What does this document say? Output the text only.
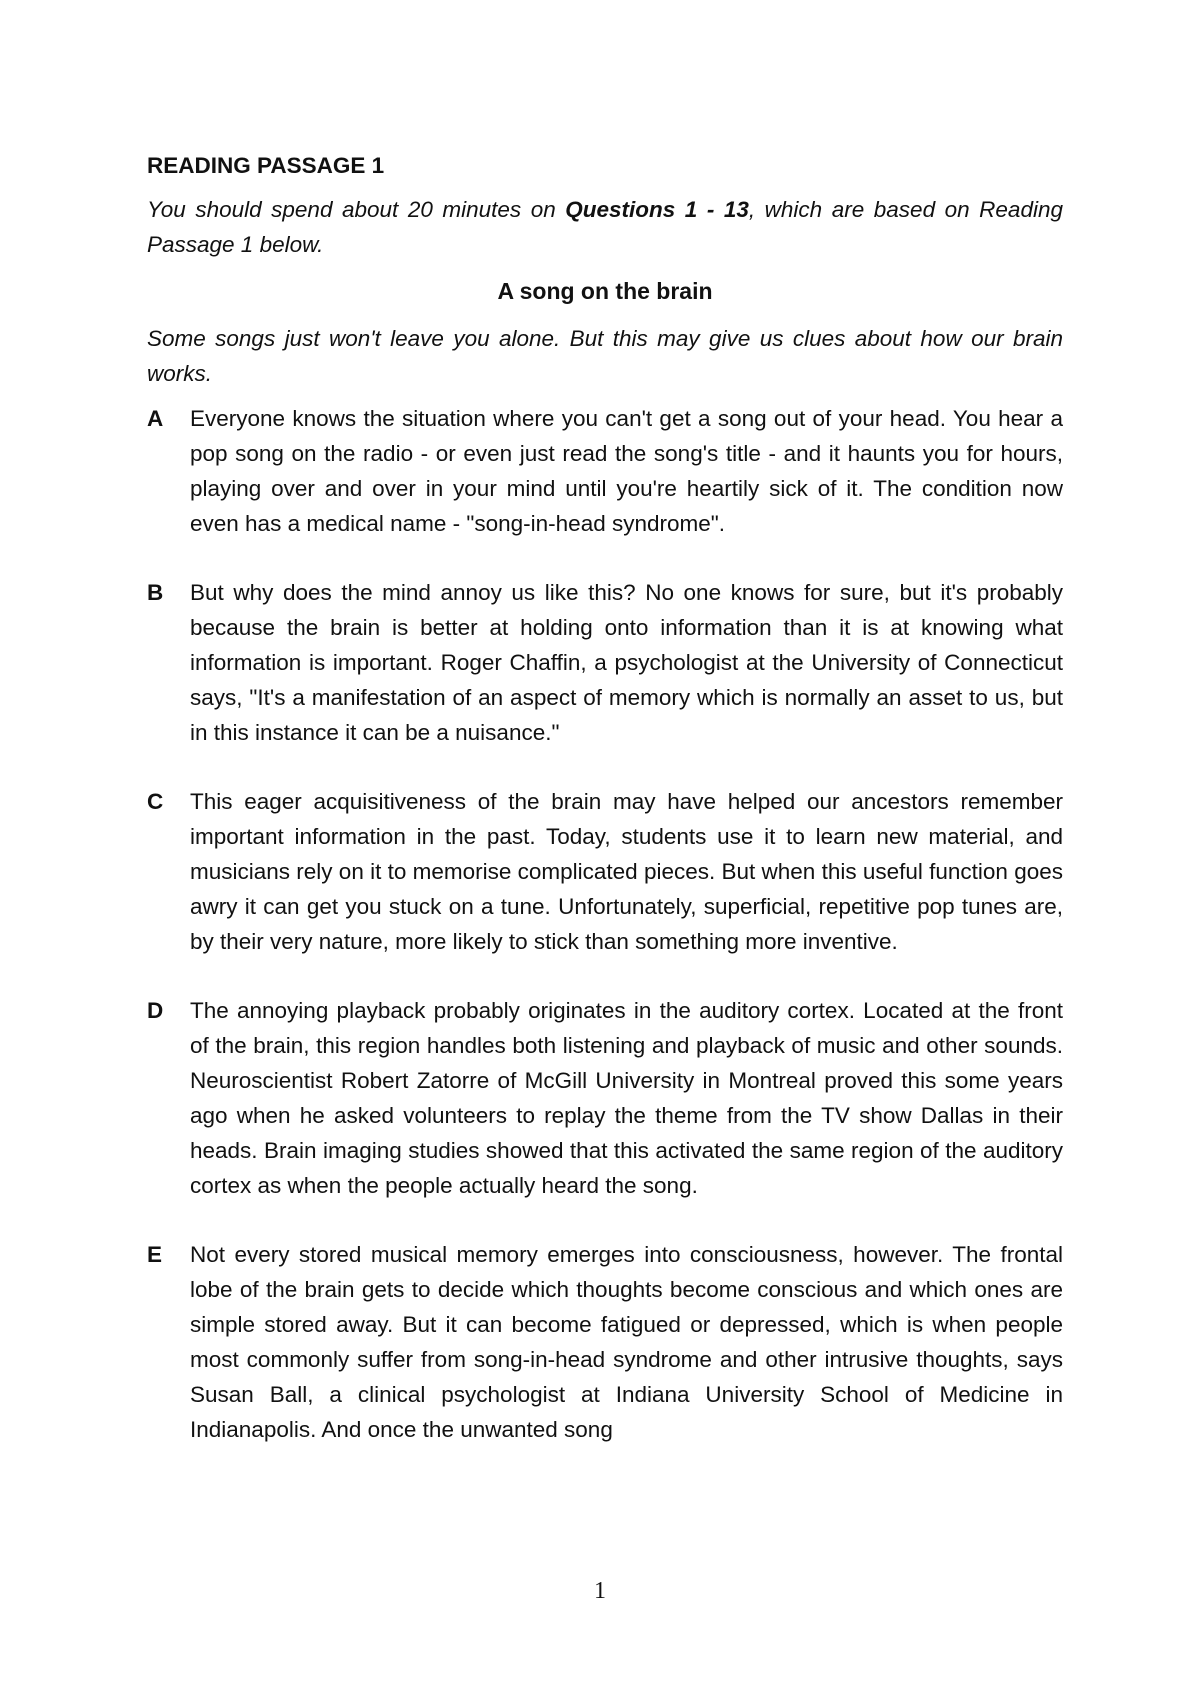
READING PASSAGE 1
You should spend about 20 minutes on Questions 1 - 13, which are based on Reading Passage 1 below.
A song on the brain
Some songs just won't leave you alone. But this may give us clues about how our brain works.
A	Everyone knows the situation where you can't get a song out of your head. You hear a pop song on the radio - or even just read the song's title - and it haunts you for hours, playing over and over in your mind until you're heartily sick of it. The condition now even has a medical name - "song-in-head syndrome".
B	But why does the mind annoy us like this? No one knows for sure, but it's probably because the brain is better at holding onto information than it is at knowing what information is important. Roger Chaffin, a psychologist at the University of Connecticut says, "It's a manifestation of an aspect of memory which is normally an asset to us, but in this instance it can be a nuisance."
C	This eager acquisitiveness of the brain may have helped our ancestors remember important information in the past. Today, students use it to learn new material, and musicians rely on it to memorise complicated pieces. But when this useful function goes awry it can get you stuck on a tune. Unfortunately, superficial, repetitive pop tunes are, by their very nature, more likely to stick than something more inventive.
D	The annoying playback probably originates in the auditory cortex. Located at the front of the brain, this region handles both listening and playback of music and other sounds. Neuroscientist Robert Zatorre of McGill University in Montreal proved this some years ago when he asked volunteers to replay the theme from the TV show Dallas in their heads. Brain imaging studies showed that this activated the same region of the auditory cortex as when the people actually heard the song.
E	Not every stored musical memory emerges into consciousness, however. The frontal lobe of the brain gets to decide which thoughts become conscious and which ones are simple stored away. But it can become fatigued or depressed, which is when people most commonly suffer from song-in-head syndrome and other intrusive thoughts, says Susan Ball, a clinical psychologist at Indiana University School of Medicine in Indianapolis. And once the unwanted song
1
